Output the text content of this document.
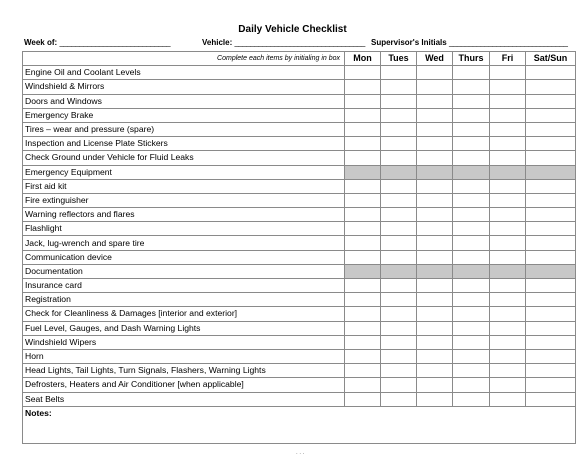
Daily Vehicle Checklist
Week of: ____________________________	Vehicle: _________________________________ Supervisor's Initials ______________________________
Complete each items by initialing in box	Mon	Tues	Wed	Thurs	Fri	Sat/Sun
Engine Oil and Coolant Levels						
Windshield & Mirrors						
Doors and Windows						
Emergency Brake						
Tires – wear and pressure (spare)						
Inspection and License Plate Stickers						
Check Ground under Vehicle for Fluid Leaks						
Emergency Equipment						
First aid kit						
Fire extinguisher						
Warning reflectors and flares						
Flashlight						
Jack, lug-wrench and spare tire						
Communication device						
Documentation						
Insurance card						
Registration						
Check for Cleanliness & Damages [interior and exterior]						
Fuel Level, Gauges, and Dash Warning Lights						
Windshield Wipers						
Horn						
Head Lights, Tail Lights, Turn Signals, Flashers, Warning Lights						
Defrosters, Heaters and Air Conditioner [when applicable]						
Seat Belts						
Notes:						
. . .
